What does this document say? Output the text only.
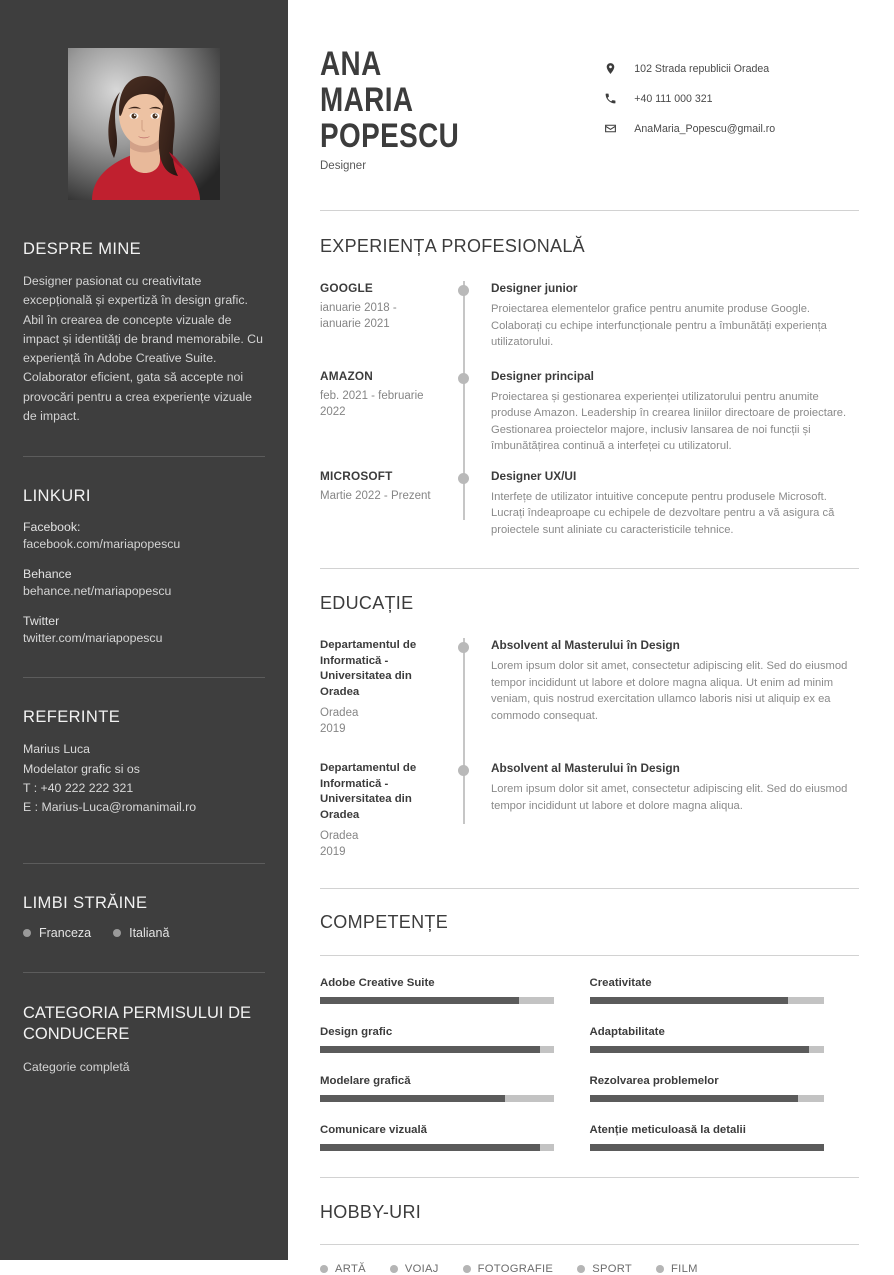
DESPRE MINE
Designer pasionat cu creativitate excepțională și expertiză în design grafic. Abil în crearea de concepte vizuale de impact și identități de brand memorabile. Cu experiență în Adobe Creative Suite. Colaborator eficient, gata să accepte noi provocări pentru a crea experiențe vizuale de impact.
LINKURI
Facebook:
facebook.com/mariapopescu
Behance
behance.net/mariapopescu
Twitter
twitter.com/mariapopescu
REFERINTE
Marius Luca
Modelator grafic si os
T : +40 222 222 321
E : Marius-Luca@romanimail.ro
LIMBI STRĂINE
Franceza	Italiană
CATEGORIA PERMISULUI DE CONDUCERE
Categorie completă
ANA
MARIA POPESCU
Designer
102 Strada republicii Oradea
+40 111 000 321
AnaMaria_Popescu@gmail.ro
EXPERIENȚA PROFESIONALĂ
GOOGLE
ianuarie 2018 - ianuarie 2021
Designer junior
Proiectarea elementelor grafice pentru anumite produse Google. Colaborați cu echipe interfuncționale pentru a îmbunătăți experiența utilizatorului.
AMAZON
feb. 2021 - februarie 2022
Designer principal
Proiectarea și gestionarea experienței utilizatorului pentru anumite produse Amazon. Leadership în crearea liniilor directoare de proiectare. Gestionarea proiectelor majore, inclusiv lansarea de noi funcții și îmbunătățirea continuă a interfeței cu utilizatorul.
MICROSOFT
Martie 2022 - Prezent
Designer UX/UI
Interfețe de utilizator intuitive concepute pentru produsele Microsoft. Lucrați îndeaproape cu echipele de dezvoltare pentru a vă asigura că proiectele sunt aliniate cu caracteristicile tehnice.
EDUCAȚIE
Departamentul de Informatică - Universitatea din Oradea
Oradea
2019
Absolvent al Masterului în Design
Lorem ipsum dolor sit amet, consectetur adipiscing elit. Sed do eiusmod tempor incididunt ut labore et dolore magna aliqua. Ut enim ad minim veniam, quis nostrud exercitation ullamco laboris nisi ut aliquip ex ea commodo consequat.
Departamentul de Informatică - Universitatea din Oradea
Oradea
2019
Absolvent al Masterului în Design
Lorem ipsum dolor sit amet, consectetur adipiscing elit. Sed do eiusmod tempor incididunt ut labore et dolore magna aliqua.
COMPETENȚE
Adobe Creative Suite
Design grafic
Modelare grafică
Comunicare vizuală
Creativitate
Adaptabilitate
Rezolvarea problemelor
Atenție meticuloasă la detalii
HOBBY-URI
ARTĂ	VOIAJ	FOTOGRAFIE	SPORT	FILM
